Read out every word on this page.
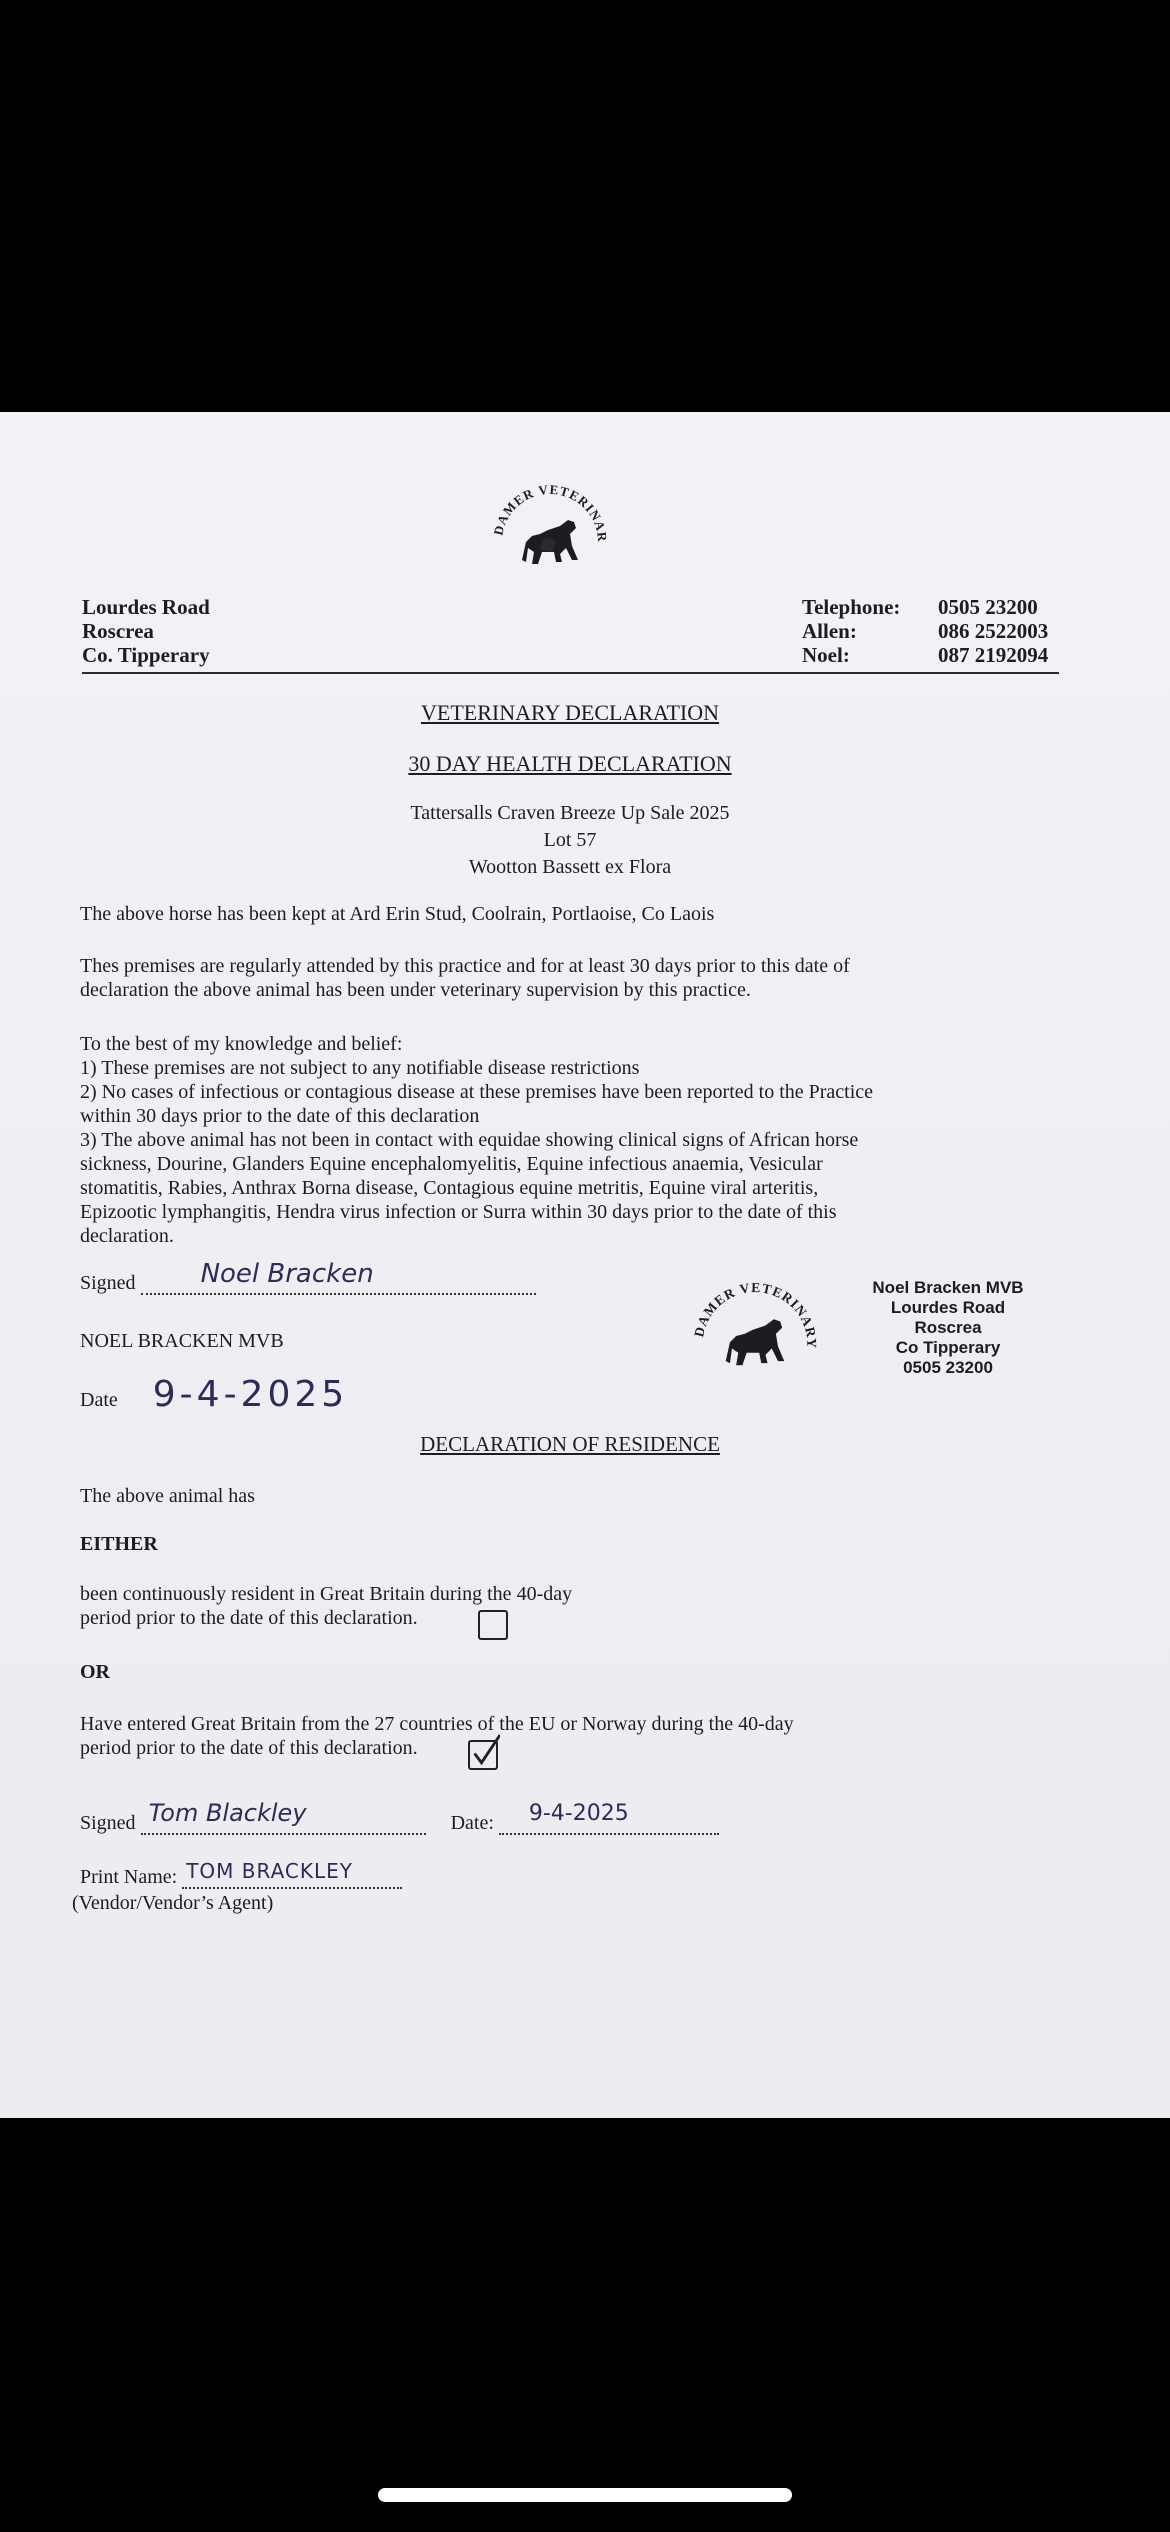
DAMER VETERINAR
Lourdes Road
Roscrea
Co. Tipperary
Telephone:
Allen:
Noel:
0505 23200
086 2522003
087 2192094
VETERINARY DECLARATION
30 DAY HEALTH DECLARATION
Tattersalls Craven Breeze Up Sale 2025
Lot 57
Wootton Bassett ex Flora
The above horse has been kept at Ard Erin Stud, Coolrain, Portlaoise, Co Laois
Thes premises are regularly attended by this practice and for at least 30 days prior to this date of
declaration the above animal has been under veterinary supervision by this practice.
To the best of my knowledge and belief:
1) These premises are not subject to any notifiable disease restrictions
2) No cases of infectious or contagious disease at these premises have been reported to the Practice
within 30 days prior to the date of this declaration
3) The above animal has not been in contact with equidae showing clinical signs of African horse
sickness, Dourine, Glanders Equine encephalomyelitis, Equine infectious anaemia, Vesicular
stomatitis, Rabies, Anthrax Borna disease, Contagious equine metritis, Equine viral arteritis,
Epizootic lymphangitis, Hendra virus infection or Surra within 30 days prior to the date of this
declaration.
Signed	Noel Bracken
NOEL BRACKEN MVB
Date 9-4-2025
DAMER VETERINARY
Noel Bracken MVB
Lourdes Road
Roscrea
Co Tipperary
0505 23200
DECLARATION OF RESIDENCE
The above animal has
EITHER
been continuously resident in Great Britain during the 40-day
period prior to the date of this declaration.
OR
Have entered Great Britain from the 27 countries of the EU or Norway during the 40-day
period prior to the date of this declaration.
Signed Tom Blackley	Date: 9-4-2025
Print Name: TOM BRACKLEY
(Vendor/Vendor’s Agent)
